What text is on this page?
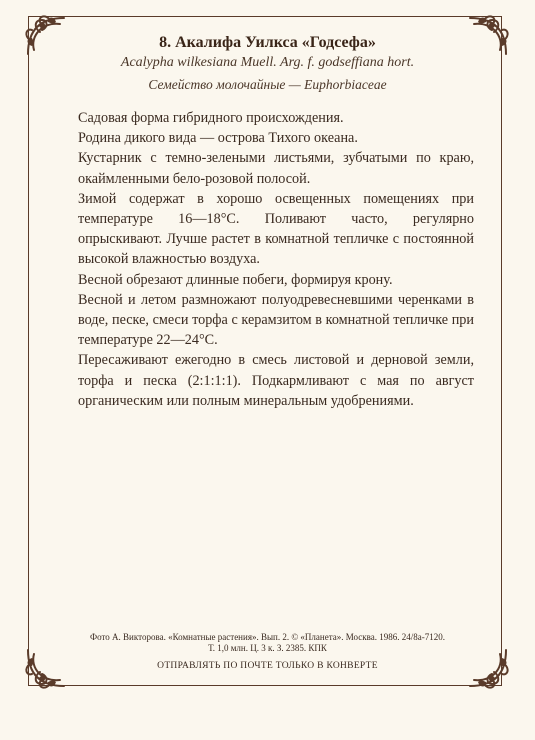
8. Акалифа Уилкса «Годсефа»
Acalypha wilkesiana Muell. Arg. f. godseffiana hort.
Семейство молочайные — Euphorbiaceae

Садовая форма гибридного происхождения.

Родина дикого вида — острова Тихого океана.

Кустарник с темно-зелеными листьями, зубчатыми по краю, окаймленными бело-розовой полосой.

Зимой содержат в хорошо освещенных помещениях при температуре 16—18°С. Поливают часто, регулярно опрыскивают. Лучше растет в комнатной тепличке с постоянной высокой влажностью воздуха.

Весной обрезают длинные побеги, формируя крону.

Весной и летом размножают полуодревесневшими черенками в воде, песке, смеси торфа с керамзитом в комнатной тепличке при температуре 22—24°С.

Пересаживают ежегодно в смесь листовой и дерновой земли, торфа и песка (2:1:1:1). Подкармливают с мая по август органическим или полным минеральным удобрениями.

Фото А. Викторова. «Комнатные растения». Вып. 2. © «Планета». Москва. 1986. 24/8а-7120.
Т. 1,0 млн. Ц. 3 к. З. 2385. КПК
ОТПРАВЛЯТЬ ПО ПОЧТЕ ТОЛЬКО В КОНВЕРТЕ
